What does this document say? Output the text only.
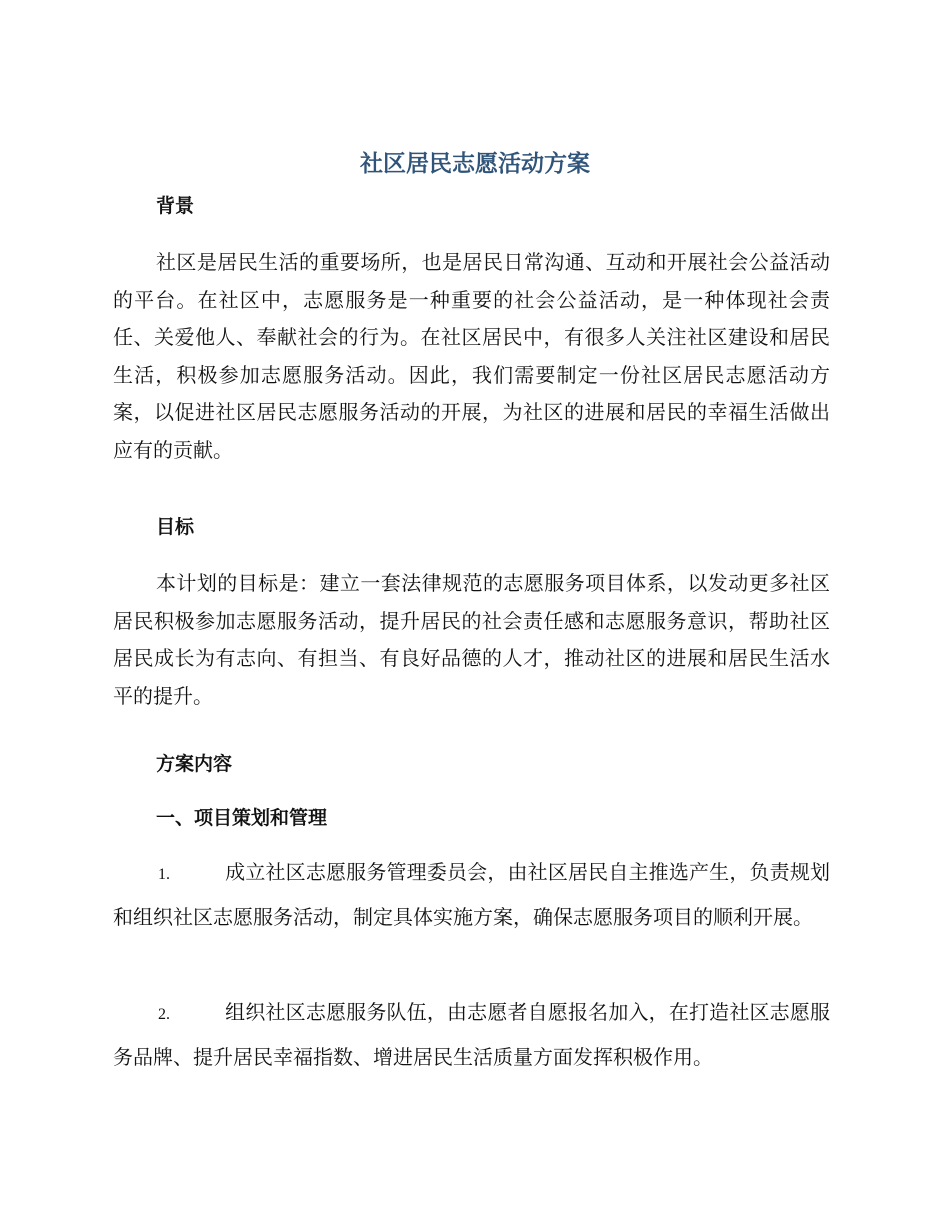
社区居民志愿活动方案
背景

社区是居民生活的重要场所，也是居民日常沟通、互动和开展社会公益活动的平台。在社区中，志愿服务是一种重要的社会公益活动，是一种体现社会责任、关爱他人、奉献社会的行为。在社区居民中，有很多人关注社区建设和居民生活，积极参加志愿服务活动。因此，我们需要制定一份社区居民志愿活动方案，以促进社区居民志愿服务活动的开展，为社区的进展和居民的幸福生活做出应有的贡献。

目标

本计划的目标是：建立一套法律规范的志愿服务项目体系，以发动更多社区居民积极参加志愿服务活动，提升居民的社会责任感和志愿服务意识，帮助社区居民成长为有志向、有担当、有良好品德的人才，推动社区的进展和居民生活水平的提升。

方案内容
一、项目策划和管理

1.	成立社区志愿服务管理委员会，由社区居民自主推选产生，负责规划和组织社区志愿服务活动，制定具体实施方案，确保志愿服务项目的顺利开展。

2.	组织社区志愿服务队伍，由志愿者自愿报名加入，在打造社区志愿服务品牌、提升居民幸福指数、增进居民生活质量方面发挥积极作用。
